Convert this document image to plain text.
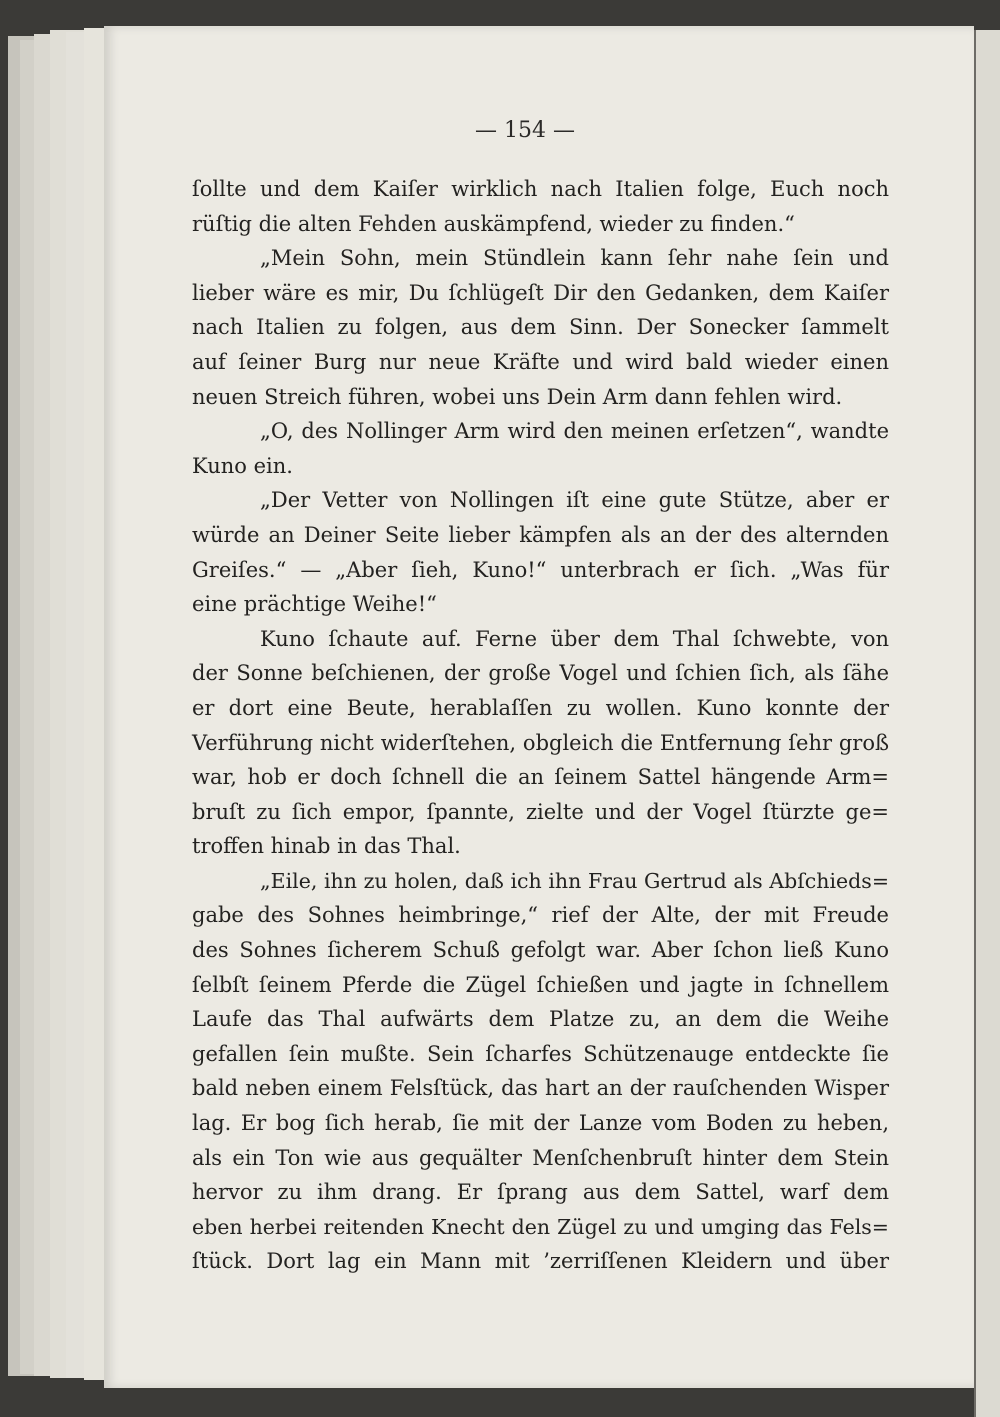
— 154 —

ſollte und dem Kaiſer wirklich nach Italien folge, Euch noch
rüſtig die alten Fehden auskämpfend, wieder zu finden.“
„Mein Sohn, mein Stündlein kann ſehr nahe ſein und
lieber wäre es mir, Du ſchlügeſt Dir den Gedanken, dem Kaiſer
nach Italien zu folgen, aus dem Sinn. Der Sonecker ſammelt
auf ſeiner Burg nur neue Kräfte und wird bald wieder einen
neuen Streich führen, wobei uns Dein Arm dann fehlen wird.
„O, des Nollinger Arm wird den meinen erſetzen“, wandte
Kuno ein.
„Der Vetter von Nollingen iſt eine gute Stütze, aber er
würde an Deiner Seite lieber kämpfen als an der des alternden
Greiſes.“ — „Aber ſieh, Kuno!“ unterbrach er ſich. „Was für
eine prächtige Weihe!“
Kuno ſchaute auf. Ferne über dem Thal ſchwebte, von
der Sonne beſchienen, der große Vogel und ſchien ſich, als ſähe
er dort eine Beute, herablaſſen zu wollen. Kuno konnte der
Verführung nicht widerſtehen, obgleich die Entfernung ſehr groß
war, hob er doch ſchnell die an ſeinem Sattel hängende Arm=
bruſt zu ſich empor, ſpannte, zielte und der Vogel ſtürzte ge=
troffen hinab in das Thal.
„Eile, ihn zu holen, daß ich ihn Frau Gertrud als Abſchieds=
gabe des Sohnes heimbringe,“ rief der Alte, der mit Freude
des Sohnes ſicherem Schuß gefolgt war. Aber ſchon ließ Kuno
ſelbſt ſeinem Pferde die Zügel ſchießen und jagte in ſchnellem
Laufe das Thal aufwärts dem Platze zu, an dem die Weihe
gefallen ſein mußte. Sein ſcharfes Schützenauge entdeckte ſie
bald neben einem Felsſtück, das hart an der rauſchenden Wisper
lag. Er bog ſich herab, ſie mit der Lanze vom Boden zu heben,
als ein Ton wie aus gequälter Menſchenbruſt hinter dem Stein
hervor zu ihm drang. Er ſprang aus dem Sattel, warf dem
eben herbei reitenden Knecht den Zügel zu und umging das Fels=
ſtück. Dort lag ein Mann mit ’zerriſſenen Kleidern und über
